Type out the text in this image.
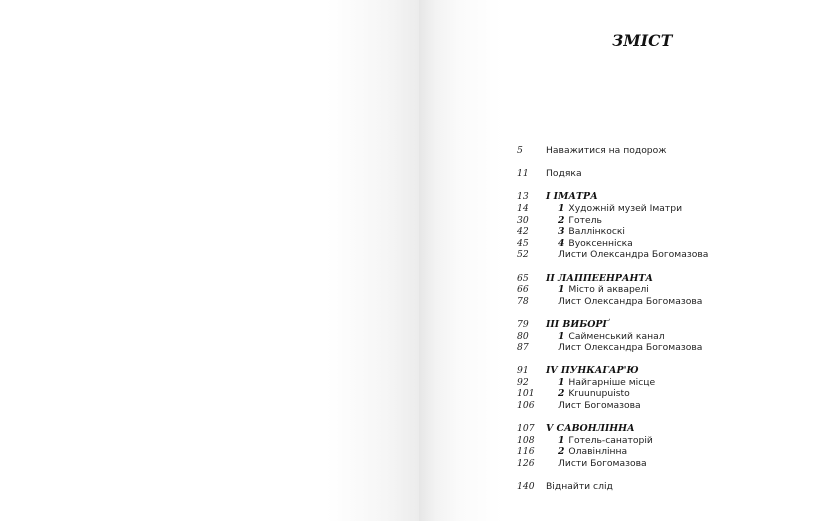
ЗМІСТ
5	Наважитися на подорож
11 Подяка
13 I ІМАТРА
14	1 Художній музей Іматри
30	2 Готель
42	3 Валлінкоскі
45	4 Вуоксенніска
52	Листи Олександра Богомазова
65 II ЛАППЕЕНРАНТА
66	1 Місто й акварелі
78	Лист Олександра Богомазова
79 III ВИБОРҐ
80	1 Сайменський канал
87	Лист Олександра Богомазова
91 IV ПУНКАГАР'Ю
92	1 Найгарніше місце
101	2 Kruunupuisto
106	Лист Богомазова
107 V САВОНЛІННА
108	1 Готель-санаторій
116	2 Олавінлінна
126	Листи Богомазова
140 Віднайти слід
